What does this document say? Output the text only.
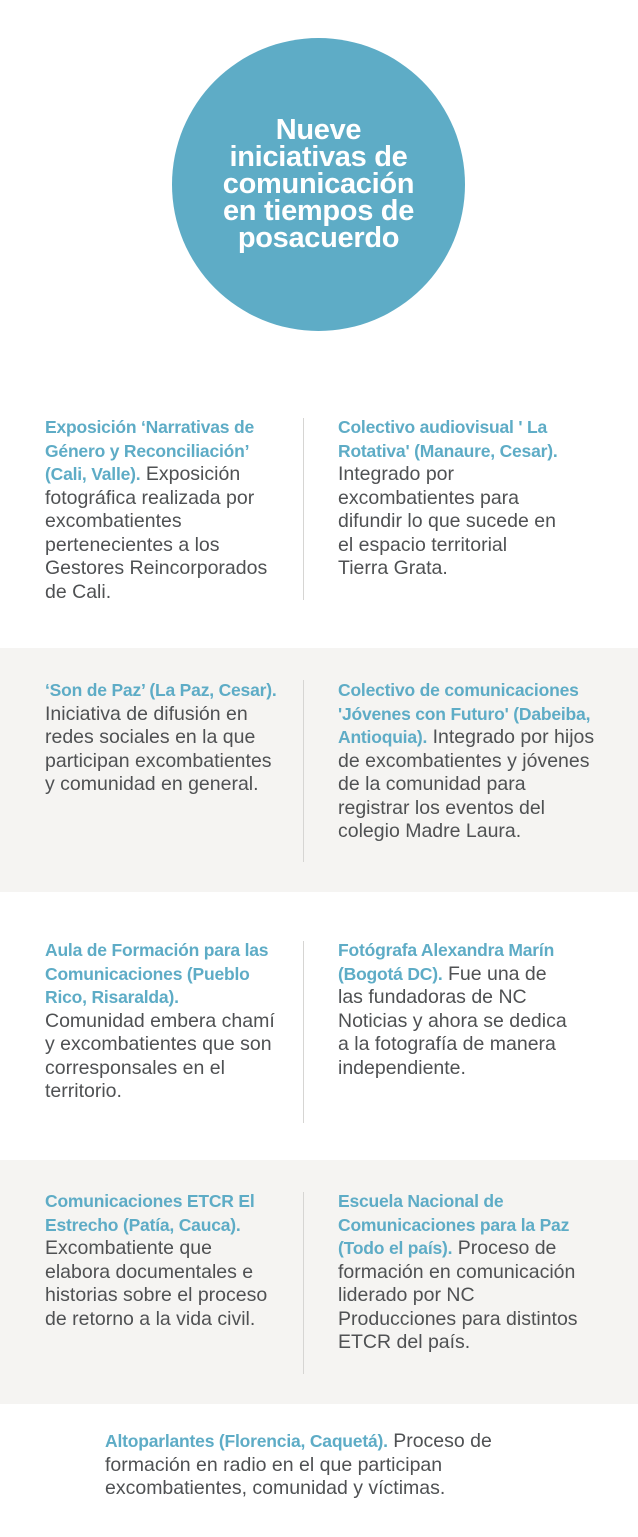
Nueve iniciativas de comunicación en tiempos de posacuerdo
Exposición ‘Narrativas de Género y Reconciliación’ (Cali, Valle). Exposición fotográfica realizada por excombatientes pertenecientes a los Gestores Reincorporados de Cali.
Colectivo audiovisual ' La Rotativa' (Manaure, Cesar). Integrado por excombatientes para difundir lo que sucede en el espacio territorial Tierra Grata.
‘Son de Paz’ (La Paz, Cesar). Iniciativa de difusión en redes sociales en la que participan excombatientes y comunidad en general.
Colectivo de comunicaciones 'Jóvenes con Futuro' (Dabeiba, Antioquia). Integrado por hijos de excombatientes y jóvenes de la comunidad para registrar los eventos del colegio Madre Laura.
Aula de Formación para las Comunicaciones (Pueblo Rico, Risaralda). Comunidad embera chamí y excombatientes que son corresponsales en el territorio.
Fotógrafa Alexandra Marín (Bogotá DC). Fue una de las fundadoras de NC Noticias y ahora se dedica a la fotografía de manera independiente.
Comunicaciones ETCR El Estrecho (Patía, Cauca). Excombatiente que elabora documentales e historias sobre el proceso de retorno a la vida civil.
Escuela Nacional de Comunicaciones para la Paz (Todo el país). Proceso de formación en comunicación liderado por NC Producciones para distintos ETCR del país.
Altoparlantes (Florencia, Caquetá). Proceso de formación en radio en el que participan excombatientes, comunidad y víctimas.
